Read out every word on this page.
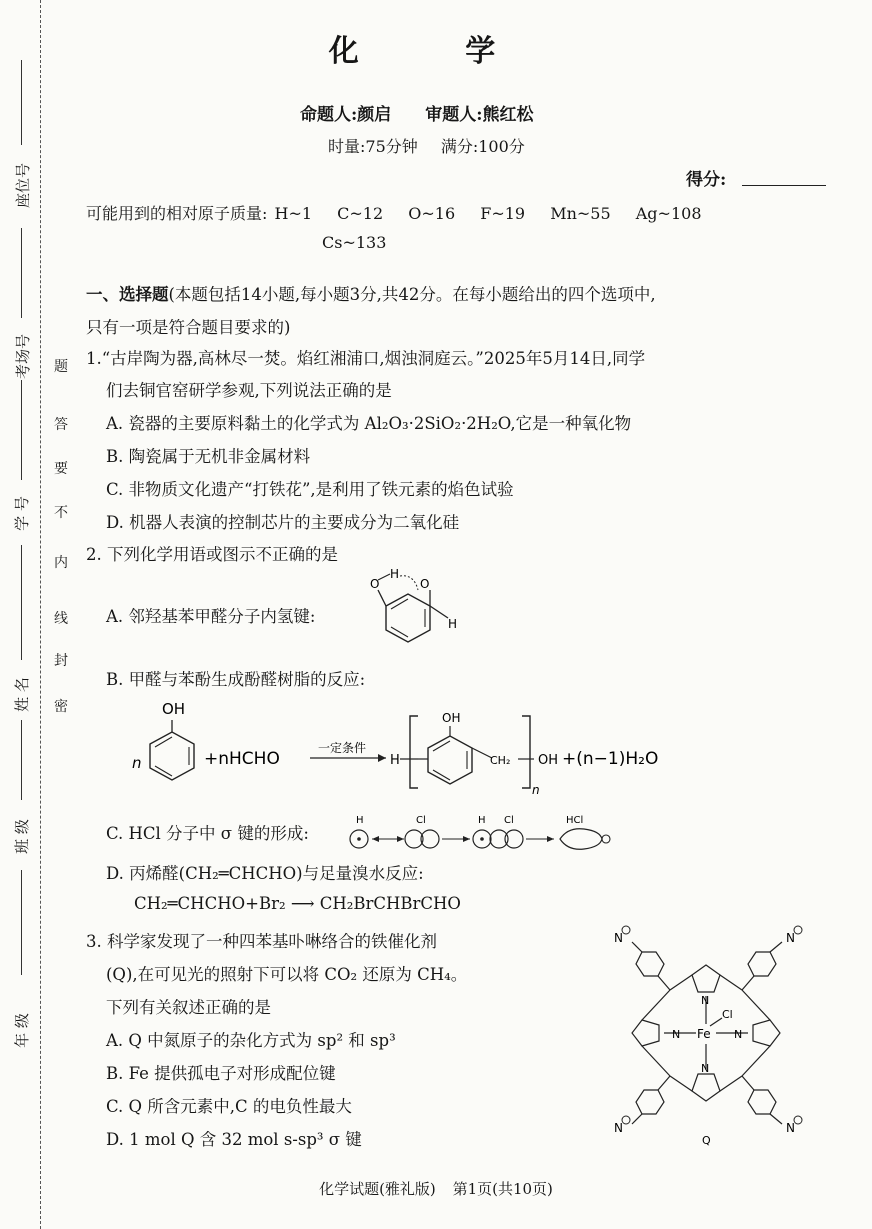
座位号
考场号
学 号
姓 名
班 级
年 级
题
答
要
不
内
线
封
密
化 学
命题人:颜启 审题人:熊红松
时量:75分钟 满分:100分
得分:
可能用到的相对原子质量: H~1 C~12 O~16 F~19 Mn~55 Ag~108
Cs~133
一、选择题(本题包括14小题,每小题3分,共42分。在每小题给出的四个选项中,
只有一项是符合题目要求的)
1.“古岸陶为器,高林尽一焚。焰红湘浦口,烟浊洞庭云。”2025年5月14日,同学
们去铜官窑研学参观,下列说法正确的是
A. 瓷器的主要原料黏土的化学式为 Al₂O₃·2SiO₂·2H₂O,它是一种氧化物
B. 陶瓷属于无机非金属材料
C. 非物质文化遗产“打铁花”,是利用了铁元素的焰色试验
D. 机器人表演的控制芯片的主要成分为二氧化硅
2. 下列化学用语或图示不正确的是
A. 邻羟基苯甲醛分子内氢键:
O
H
O
H
B. 甲醛与苯酚生成酚醛树脂的反应:
OH
n	+nHCHO
一定条件
H
OH
CH₂
n
OH +(n−1)H₂O
C. HCl 分子中 σ 键的形成:
H	Cl	H Cl	HCl
D. 丙烯醛(CH₂═CHCHO)与足量溴水反应:
CH₂═CHCHO+Br₂ ⟶ CH₂BrCHBrCHO
3. 科学家发现了一种四苯基卟啉络合的铁催化剂
(Q),在可见光的照射下可以将 CO₂ 还原为 CH₄。
下列有关叙述正确的是
A. Q 中氮原子的杂化方式为 sp² 和 sp³
B. Fe 提供孤电子对形成配位键
C. Q 所含元素中,C 的电负性最大
D. 1 mol Q 含 32 mol s-sp³ σ 键
Fe
Cl
N
N
N	N
N	N
N	N
Q
化学试题(雅礼版) 第1页(共10页)
